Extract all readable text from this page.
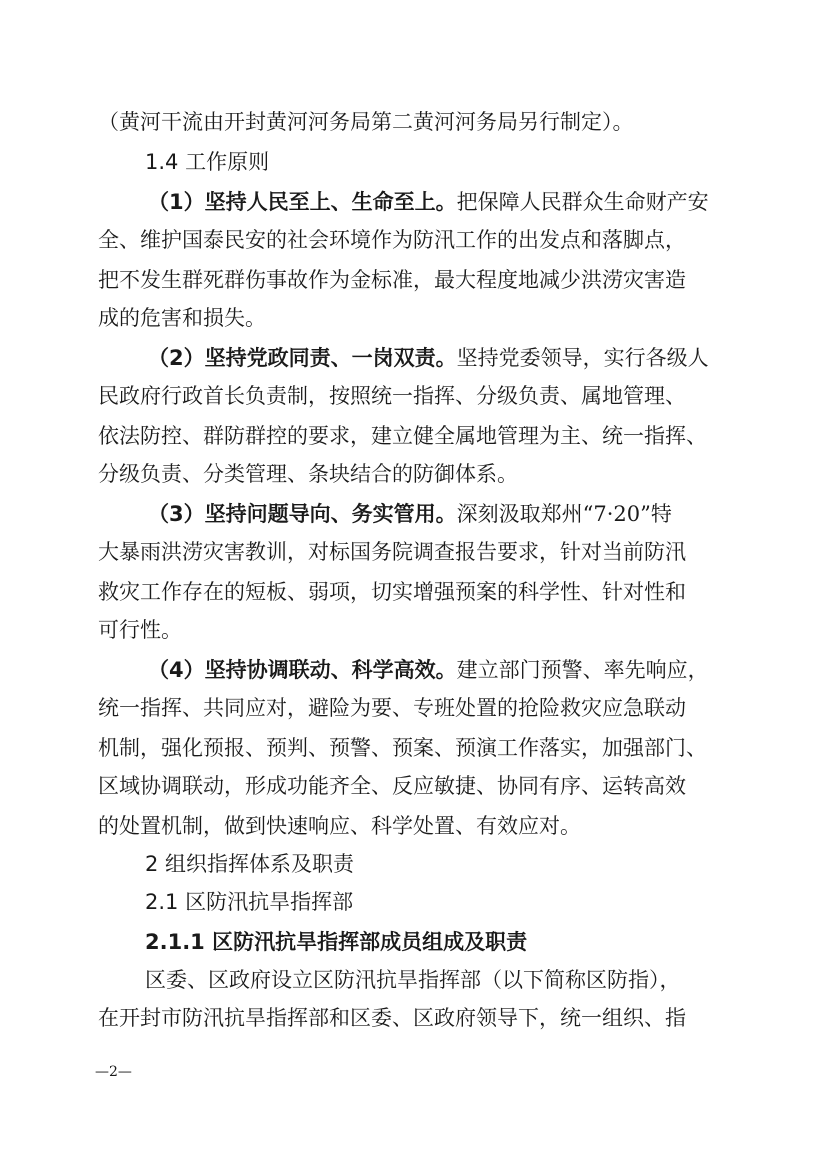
（黄河干流由开封黄河河务局第二黄河河务局另行制定）。
1.4 工作原则
（1）坚持人民至上、生命至上。把保障人民群众生命财产安
全、维护国泰民安的社会环境作为防汛工作的出发点和落脚点，
把不发生群死群伤事故作为金标准，最大程度地减少洪涝灾害造
成的危害和损失。
（2）坚持党政同责、一岗双责。坚持党委领导，实行各级人
民政府行政首长负责制，按照统一指挥、分级负责、属地管理、
依法防控、群防群控的要求，建立健全属地管理为主、统一指挥、
分级负责、分类管理、条块结合的防御体系。
（3）坚持问题导向、务实管用。深刻汲取郑州“7·20”特
大暴雨洪涝灾害教训，对标国务院调查报告要求，针对当前防汛
救灾工作存在的短板、弱项，切实增强预案的科学性、针对性和
可行性。
（4）坚持协调联动、科学高效。建立部门预警、率先响应，
统一指挥、共同应对，避险为要、专班处置的抢险救灾应急联动
机制，强化预报、预判、预警、预案、预演工作落实，加强部门、
区域协调联动，形成功能齐全、反应敏捷、协同有序、运转高效
的处置机制，做到快速响应、科学处置、有效应对。
2 组织指挥体系及职责
2.1 区防汛抗旱指挥部
2.1.1 区防汛抗旱指挥部成员组成及职责
区委、区政府设立区防汛抗旱指挥部（以下简称区防指），
在开封市防汛抗旱指挥部和区委、区政府领导下，统一组织、指
—2—
